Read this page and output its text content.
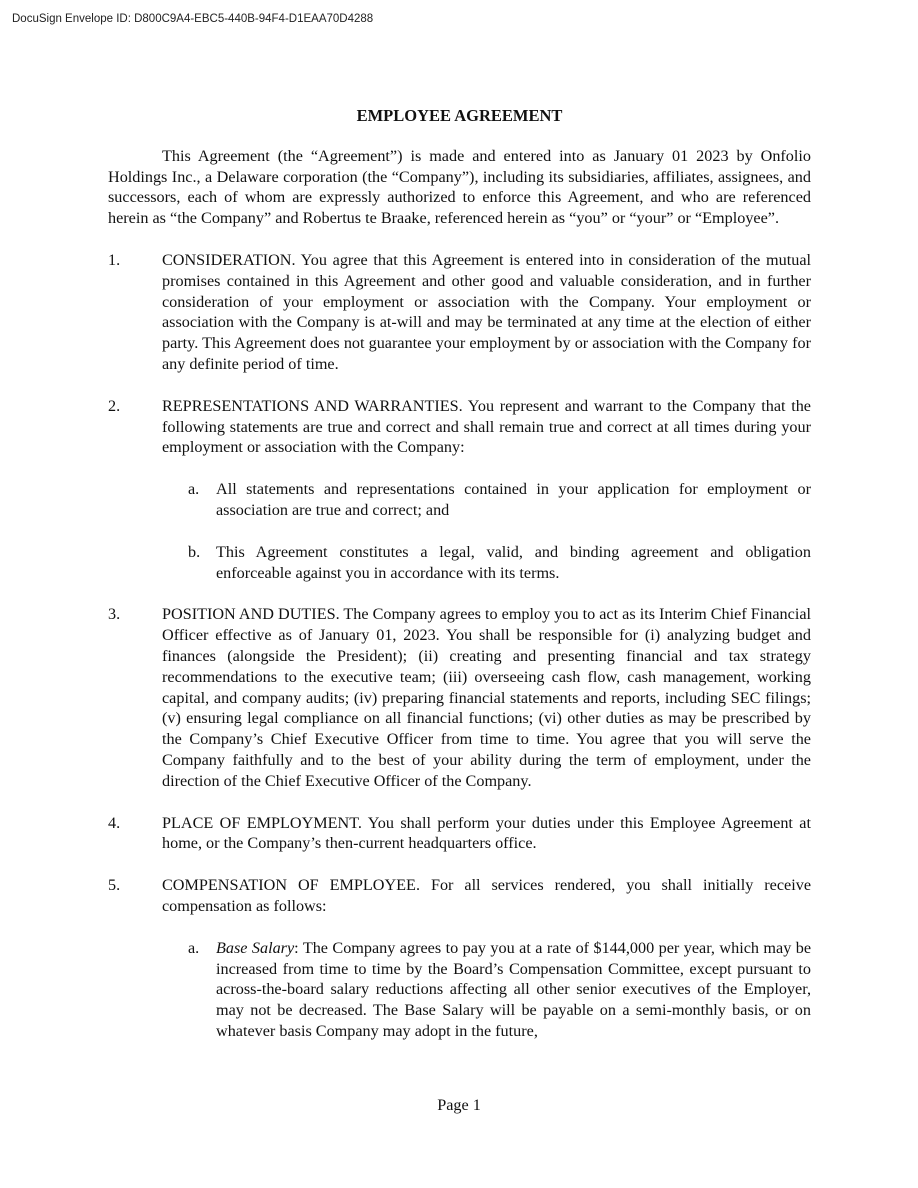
DocuSign Envelope ID: D800C9A4-EBC5-440B-94F4-D1EAA70D4288
EMPLOYEE AGREEMENT

This Agreement (the “Agreement”) is made and entered into as January 01 2023 by Onfolio Holdings Inc., a Delaware corporation (the “Company”), including its subsidiaries, affiliates, assignees, and successors, each of whom are expressly authorized to enforce this Agreement, and who are referenced herein as “the Company” and Robertus te Braake, referenced herein as “you” or “your” or “Employee”.

1.	CONSIDERATION. You agree that this Agreement is entered into in consideration of the mutual promises contained in this Agreement and other good and valuable consideration, and in further consideration of your employment or association with the Company. Your employment or association with the Company is at-will and may be terminated at any time at the election of either party. This Agreement does not guarantee your employment by or association with the Company for any definite period of time.

2.	REPRESENTATIONS AND WARRANTIES. You represent and warrant to the Company that the following statements are true and correct and shall remain true and correct at all times during your employment or association with the Company:

a.	All statements and representations contained in your application for employment or association are true and correct; and

b. This Agreement constitutes a legal, valid, and binding agreement and obligation enforceable against you in accordance with its terms.

3.	POSITION AND DUTIES. The Company agrees to employ you to act as its Interim Chief Financial Officer effective as of January 01, 2023. You shall be responsible for (i) analyzing budget and finances (alongside the President); (ii) creating and presenting financial and tax strategy recommendations to the executive team; (iii) overseeing cash flow, cash management, working capital, and company audits; (iv) preparing financial statements and reports, including SEC filings; (v) ensuring legal compliance on all financial functions; (vi) other duties as may be prescribed by the Company’s Chief Executive Officer from time to time. You agree that you will serve the Company faithfully and to the best of your ability during the term of employment, under the direction of the Chief Executive Officer of the Company.

4.	PLACE OF EMPLOYMENT. You shall perform your duties under this Employee Agreement at home, or the Company’s then-current headquarters office.

5.	COMPENSATION OF EMPLOYEE. For all services rendered, you shall initially receive compensation as follows:

a.	Base Salary: The Company agrees to pay you at a rate of $144,000 per year, which may be increased from time to time by the Board’s Compensation Committee, except pursuant to across-the-board salary reductions affecting all other senior executives of the Employer, may not be decreased. The Base Salary will be payable on a semi-monthly basis, or on whatever basis Company may adopt in the future,

Page 1
